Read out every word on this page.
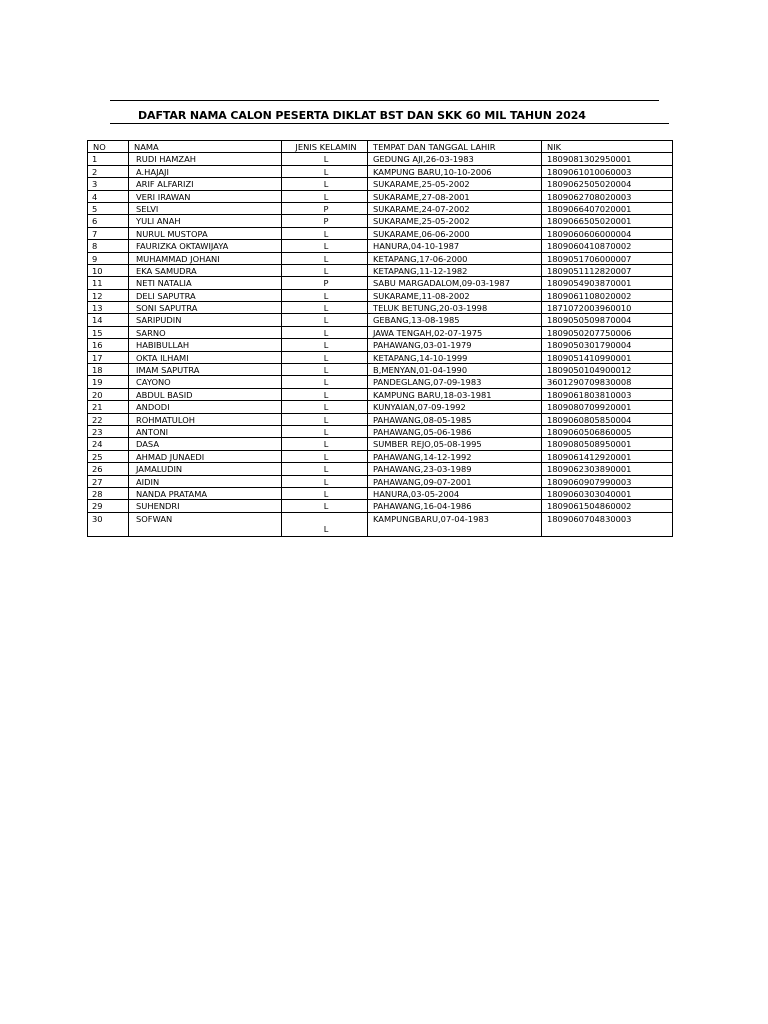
DAFTAR NAMA CALON PESERTA DIKLAT BST DAN SKK 60 MIL TAHUN 2024
NO	NAMA	JENIS KELAMIN	TEMPAT DAN TANGGAL LAHIR	NIK
1	RUDI HAMZAH	L	GEDUNG AJI,26-03-1983	1809081302950001
2	A.HAJAJI	L	KAMPUNG BARU,10-10-2006	1809061010060003
3	ARIF ALFARIZI	L	SUKARAME,25-05-2002	1809062505020004
4	VERI IRAWAN	L	SUKARAME,27-08-2001	1809062708020003
5	SELVI	P	SUKARAME,24-07-2002	1809066407020001
6	YULI ANAH	P	SUKARAME,25-05-2002	1809066505020001
7	NURUL MUSTOPA	L	SUKARAME,06-06-2000	1809060606000004
8	FAURIZKA OKTAWIJAYA	L	HANURA,04-10-1987	1809060410870002
9	MUHAMMAD JOHANI	L	KETAPANG,17-06-2000	1809051706000007
10	EKA SAMUDRA	L	KETAPANG,11-12-1982	1809051112820007
11	NETI NATALIA	P	SABU MARGADALOM,09-03-1987	1809054903870001
12	DELI SAPUTRA	L	SUKARAME,11-08-2002	1809061108020002
13	SONI SAPUTRA	L	TELUK BETUNG,20-03-1998	1871072003960010
14	SARIPUDIN	L	GEBANG,13-08-1985	1809050509870004
15	SARNO	L	JAWA TENGAH,02-07-1975	1809050207750006
16	HABIBULLAH	L	PAHAWANG,03-01-1979	1809050301790004
17	OKTA ILHAMI	L	KETAPANG,14-10-1999	1809051410990001
18	IMAM SAPUTRA	L	B,MENYAN,01-04-1990	1809050104900012
19	CAYONO	L	PANDEGLANG,07-09-1983	3601290709830008
20	ABDUL BASID	L	KAMPUNG BARU,18-03-1981	1809061803810003
21	ANDODI	L	KUNYAIAN,07-09-1992	1809080709920001
22	ROHMATULOH	L	PAHAWANG,08-05-1985	1809060805850004
23	ANTONI	L	PAHAWANG,05-06-1986	1809060506860005
24	DASA	L	SUMBER REJO,05-08-1995	1809080508950001
25	AHMAD JUNAEDI	L	PAHAWANG,14-12-1992	1809061412920001
26	JAMALUDIN	L	PAHAWANG,23-03-1989	1809062303890001
27	AIDIN	L	PAHAWANG,09-07-2001	1809060907990003
28	NANDA PRATAMA	L	HANURA,03-05-2004	1809060303040001
29	SUHENDRI	L	PAHAWANG,16-04-1986	1809061504860002
30	SOFWAN	L	KAMPUNGBARU,07-04-1983	1809060704830003
